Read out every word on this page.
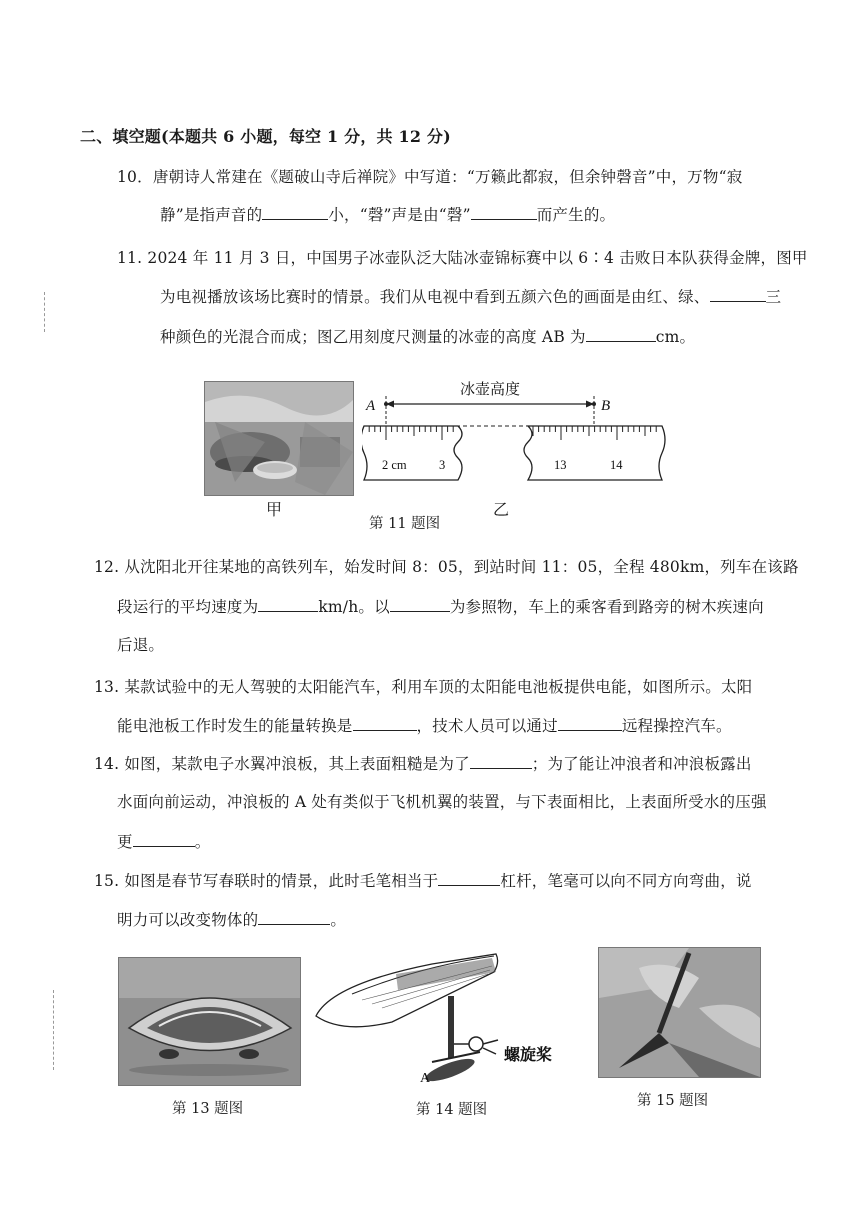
二、填空题(本题共 6 小题，每空 1 分，共 12 分)
10．唐朝诗人常建在《题破山寺后禅院》中写道：“万籁此都寂，但余钟磬音”中，万物“寂
静”是指声音的	小，“磬”声是由“磬”	而产生的。
11. 2024 年 11 月 3 日，中国男子冰壶队泛大陆冰壶锦标赛中以 6∶4 击败日本队获得金牌，图甲
为电视播放该场比赛时的情景。我们从电视中看到五颜六色的画面是由红、绿、	三
种颜色的光混合而成；图乙用刻度尺测量的冰壶的高度 AB 为	cm。
甲
冰壶高度
A	B
2 cm	3	13	14
乙
第 11 题图
12. 从沈阳北开往某地的高铁列车，始发时间 8：05，到站时间 11：05，全程 480km，列车在该路
段运行的平均速度为	km/h。以	为参照物，车上的乘客看到路旁的树木疾速向
后退。
13. 某款试验中的无人驾驶的太阳能汽车，利用车顶的太阳能电池板提供电能，如图所示。太阳
能电池板工作时发生的能量转换是	，技术人员可以通过	远程操控汽车。
14. 如图，某款电子水翼冲浪板，其上表面粗糙是为了	；为了能让冲浪者和冲浪板露出
水面向前运动，冲浪板的 A 处有类似于飞机机翼的装置，与下表面相比，上表面所受水的压强
更	。
15. 如图是春节写春联时的情景，此时毛笔相当于	杠杆，笔毫可以向不同方向弯曲，说
明力可以改变物体的	。
第 13 题图
螺旋桨
A
第 14 题图
第 15 题图
